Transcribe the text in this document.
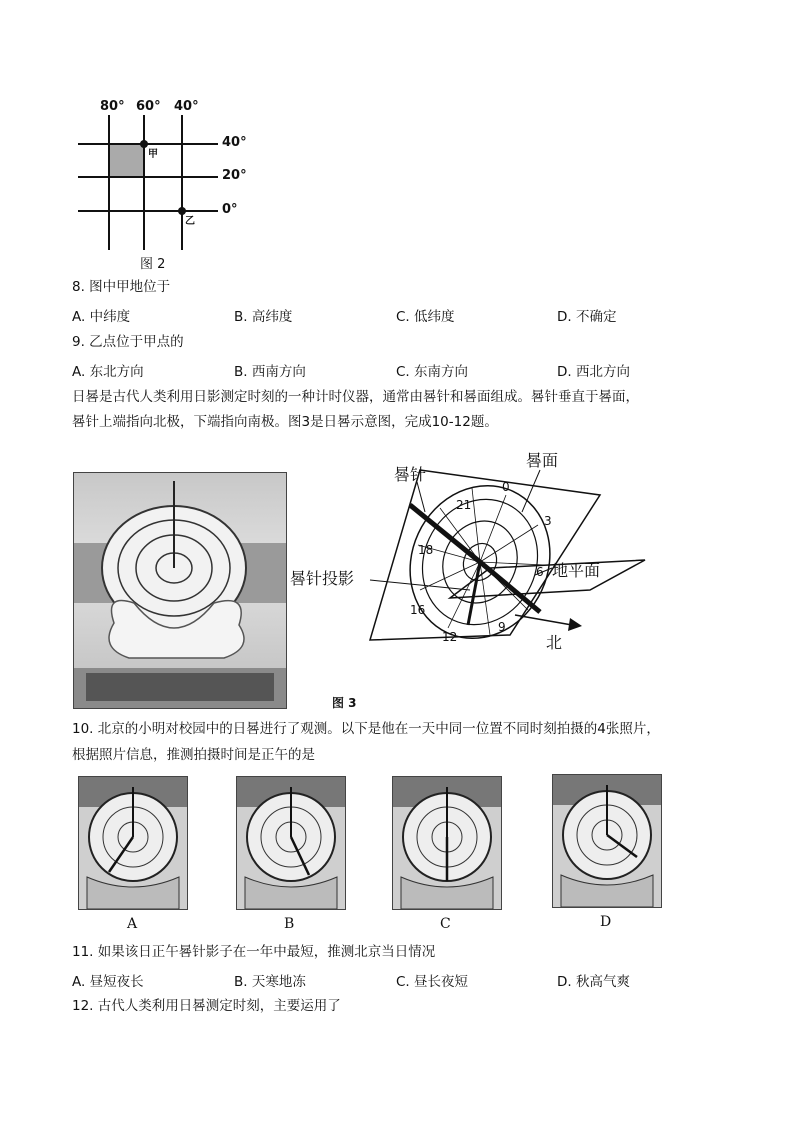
80° 60° 40°
40°
20°
0°
甲
乙
图 2
8. 图中甲地位于
A. 中纬度	B. 高纬度	C. 低纬度	D. 不确定
9. 乙点位于甲点的
A. 东北方向	B. 西南方向	C. 东南方向	D. 西北方向
日晷是古代人类利用日影测定时刻的一种计时仪器，通常由晷针和晷面组成。晷针垂直于晷面，
晷针上端指向北极，下端指向南极。图3是日晷示意图，完成10-12题。
晷针
晷面
晷针投影	地平面
北
0
3
6
9
12
16
18
21
图 3
10. 北京的小明对校园中的日晷进行了观测。以下是他在一天中同一位置不同时刻拍摄的4张照片，
根据照片信息，推测拍摄时间是正午的是
A	B	C	D
11. 如果该日正午晷针影子在一年中最短，推测北京当日情况
A. 昼短夜长	B. 天寒地冻	C. 昼长夜短	D. 秋高气爽
12. 古代人类利用日晷测定时刻，主要运用了
